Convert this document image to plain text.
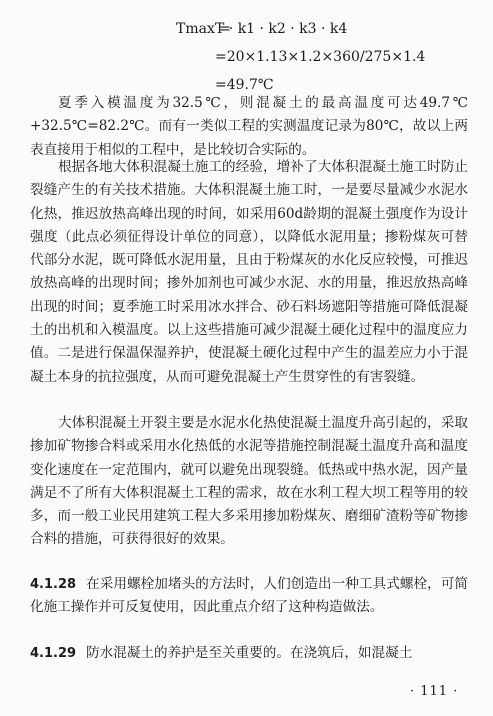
Tmax =
T · k1 · k2 · k3 · k4
=20×1.13×1.2×360/275×1.4
=49.7℃

夏季入模温度为32.5℃，则混凝土的最高温度可达49.7℃+32.5℃=82.2℃。而有一类似工程的实测温度记录为80℃，故以上两表直接用于相似的工程中，是比较切合实际的。

根据各地大体积混凝土施工的经验，增补了大体积混凝土施工时防止裂缝产生的有关技术措施。大体积混凝土施工时，一是要尽量减少水泥水化热，推迟放热高峰出现的时间，如采用60d龄期的混凝土强度作为设计强度（此点必须征得设计单位的同意），以降低水泥用量；掺粉煤灰可替代部分水泥，既可降低水泥用量，且由于粉煤灰的水化反应较慢，可推迟放热高峰的出现时间；掺外加剂也可减少水泥、水的用量，推迟放热高峰出现的时间；夏季施工时采用冰水拌合、砂石料场遮阳等措施可降低混凝土的出机和入模温度。以上这些措施可减少混凝土硬化过程中的温度应力值。二是进行保温保湿养护，使混凝土硬化过程中产生的温差应力小于混凝土本身的抗拉强度，从而可避免混凝土产生贯穿性的有害裂缝。

大体积混凝土开裂主要是水泥水化热使混凝土温度升高引起的，采取掺加矿物掺合料或采用水化热低的水泥等措施控制混凝土温度升高和温度变化速度在一定范围内，就可以避免出现裂缝。低热或中热水泥，因产量满足不了所有大体积混凝土工程的需求，故在水利工程大坝工程等用的较多，而一般工业民用建筑工程大多采用掺加粉煤灰、磨细矿渣粉等矿物掺合料的措施，可获得很好的效果。

4.1.28 在采用螺栓加堵头的方法时，人们创造出一种工具式螺栓，可简化施工操作并可反复使用，因此重点介绍了这种构造做法。

4.1.29 防水混凝土的养护是至关重要的。在浇筑后，如混凝土

· 111 ·
